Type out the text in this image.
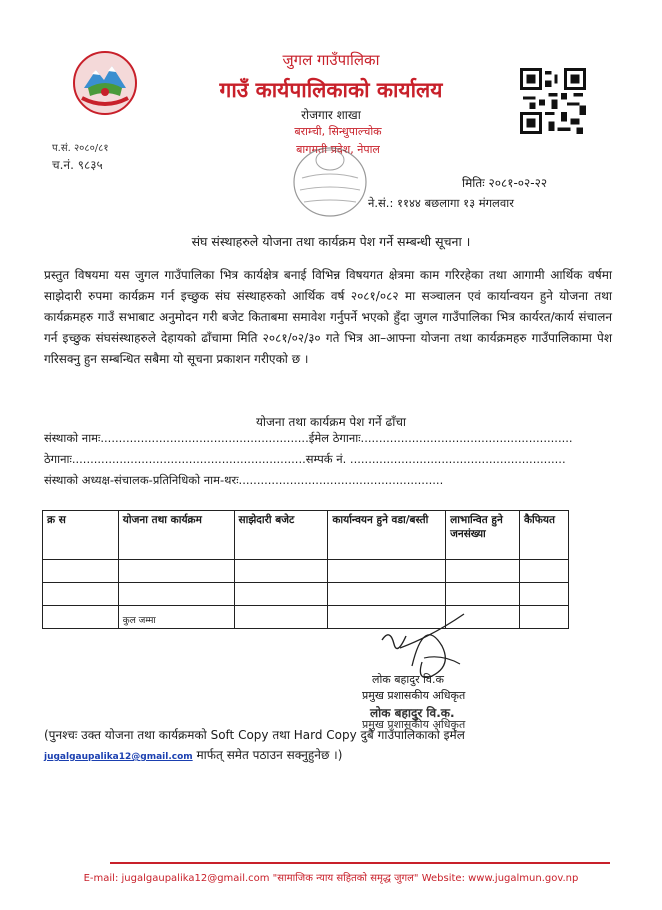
जुगल गाउँपालिका
गाउँ कार्यपालिकाको कार्यालय
रोजगार शाखा
बराम्ची, सिन्धुपाल्चोक
बागमती प्रदेश, नेपाल
प.सं. २०८०/८१
च.नं. ९८३५
मितिः २०८१-०२-२२
ने.सं.: ११४४ बछलागा १३ मंगलवार
संघ संस्थाहरुले योजना तथा कार्यक्रम पेश गर्ने सम्बन्धी सूचना ।
प्रस्तुत विषयमा यस जुगल गाउँपालिका भित्र कार्यक्षेत्र बनाई विभिन्न विषयगत क्षेत्रमा काम गरिरहेका तथा आगामी आर्थिक वर्षमा साझेदारी रुपमा कार्यक्रम गर्न इच्छुक संघ संस्थाहरुको आर्थिक वर्ष २०८१/०८२ मा सञ्चालन एवं कार्यान्वयन हुने योजना तथा कार्यक्रमहरु गाउँ सभाबाट अनुमोदन गरी बजेट किताबमा समावेश गर्नुपर्ने भएको हुँदा जुगल गाउँपालिका भित्र कार्यरत/कार्य संचालन गर्न इच्छुक संघसंस्थाहरुले देहायको ढाँचामा मिति २०८१/०२/३० गते भित्र आ–आफ्ना योजना तथा कार्यक्रमहरु गाउँपालिकामा पेश गरिसक्नु हुन सम्बन्धित सबैमा यो सूचना प्रकाशन गरीएको छ ।
योजना तथा कार्यक्रम पेश गर्ने ढाँचा
संस्थाको नामः.........................................................ईमेल ठेगानाः..........................................................
ठेगानाः................................................................सम्पर्क नं. ...........................................................
संस्थाको अध्यक्ष-संचालक-प्रतिनिधिको नाम-थरः........................................................
क्र स	योजना तथा कार्यक्रम	साझेदारी बजेट	कार्यान्वयन हुने वडा/बस्ती	लाभान्वित हुने जनसंख्या	कैफियत

	कुल जम्मा				
लोक बहादुर वि.क
प्रमुख प्रशासकीय अधिकृत
लोक बहादुर वि.क.
प्रमुख प्रशासकीय अधिकृत
(पुनश्चः उक्त योजना तथा कार्यक्रमको Soft Copy तथा Hard Copy दुबै गाउँपालिकाको इमेल
jugalgaupalika12@gmail.com मार्फत् समेत पठाउन सक्नुहुनेछ ।)
E-mail: jugalgaupalika12@gmail.com "सामाजिक न्याय सहितको समृद्ध जुगल" Website: www.jugalmun.gov.np
